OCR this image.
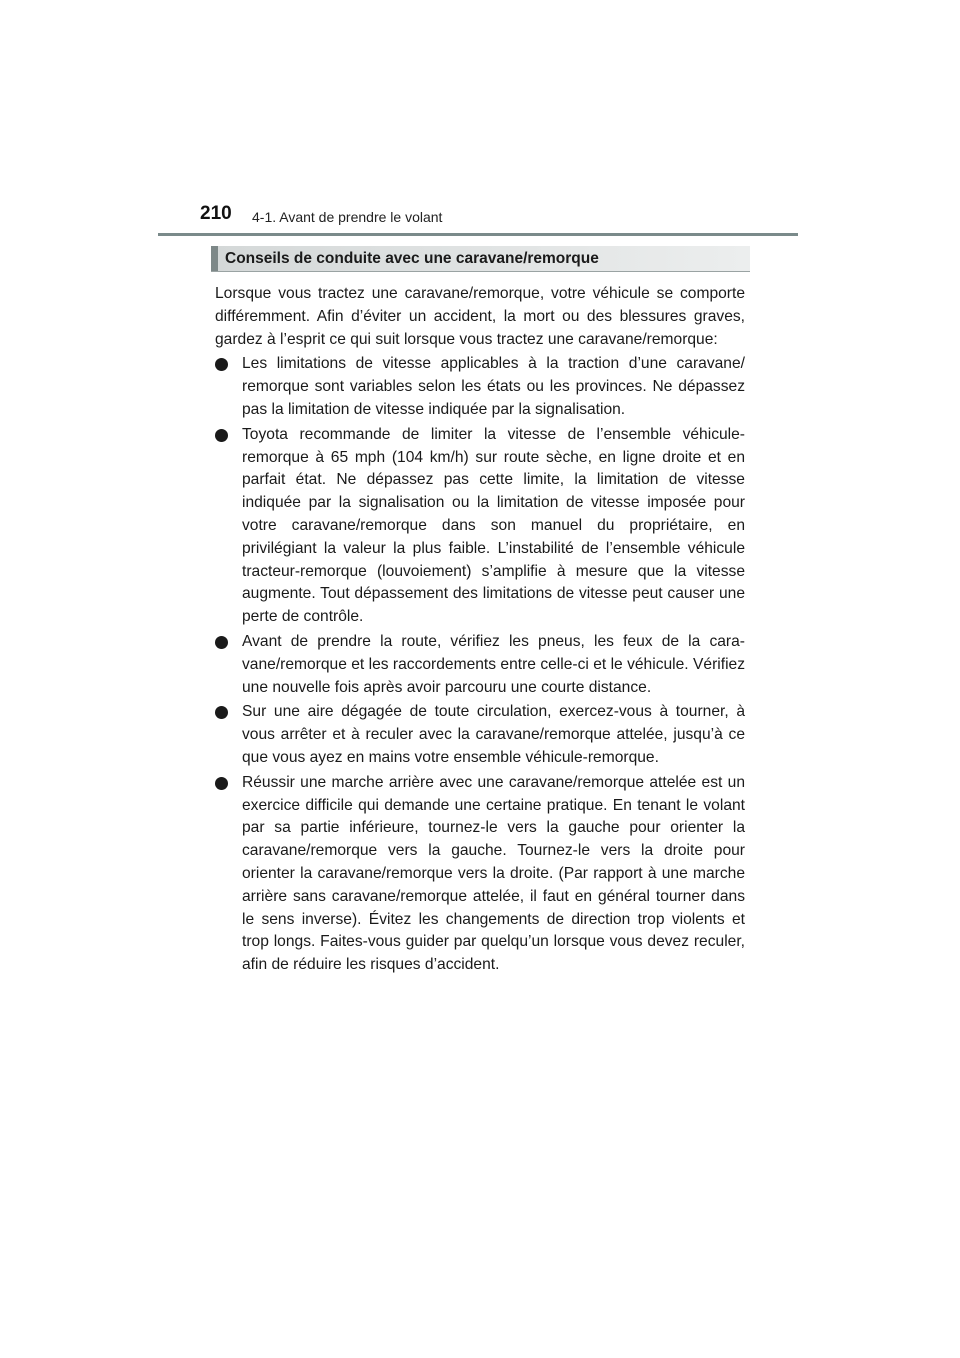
210 4-1. Avant de prendre le volant
Conseils de conduite avec une caravane/remorque

Lorsque vous tractez une caravane/remorque, votre véhicule se comporte différemment. Afin d’éviter un accident, la mort ou des blessures graves, gardez à l’esprit ce qui suit lorsque vous tractez une caravane/remorque:

Les limitations de vitesse applicables à la traction d’une caravane/ remorque sont variables selon les états ou les provinces. Ne dépassez pas la limitation de vitesse indiquée par la signalisation.
Toyota recommande de limiter la vitesse de l’ensemble véhicule-remorque à 65 mph (104 km/h) sur route sèche, en ligne droite et en parfait état. Ne dépassez pas cette limite, la limitation de vitesse indiquée par la signalisation ou la limitation de vitesse imposée pour votre caravane/remorque dans son manuel du propriétaire, en privilégiant la valeur la plus faible. L’instabilité de l’ensemble véhicule tracteur-remorque (louvoiement) s’amplifie à mesure que la vitesse augmente. Tout dépassement des limitations de vitesse peut causer une perte de contrôle.
Avant de prendre la route, vérifiez les pneus, les feux de la caravane/remorque et les raccordements entre celle-ci et le véhicule. Vérifiez une nouvelle fois après avoir parcouru une courte distance.
Sur une aire dégagée de toute circulation, exercez-vous à tourner, à vous arrêter et à reculer avec la caravane/remorque attelée, jusqu’à ce que vous ayez en mains votre ensemble véhicule-remorque.
Réussir une marche arrière avec une caravane/remorque attelée est un exercice difficile qui demande une certaine pratique. En tenant le volant par sa partie inférieure, tournez-le vers la gauche pour orienter la caravane/remorque vers la gauche. Tournez-le vers la droite pour orienter la caravane/remorque vers la droite. (Par rapport à une marche arrière sans caravane/remorque attelée, il faut en général tourner dans le sens inverse). Évitez les changements de direction trop violents et trop longs. Faites-vous guider par quelqu’un lorsque vous devez reculer, afin de réduire les risques d’accident.
